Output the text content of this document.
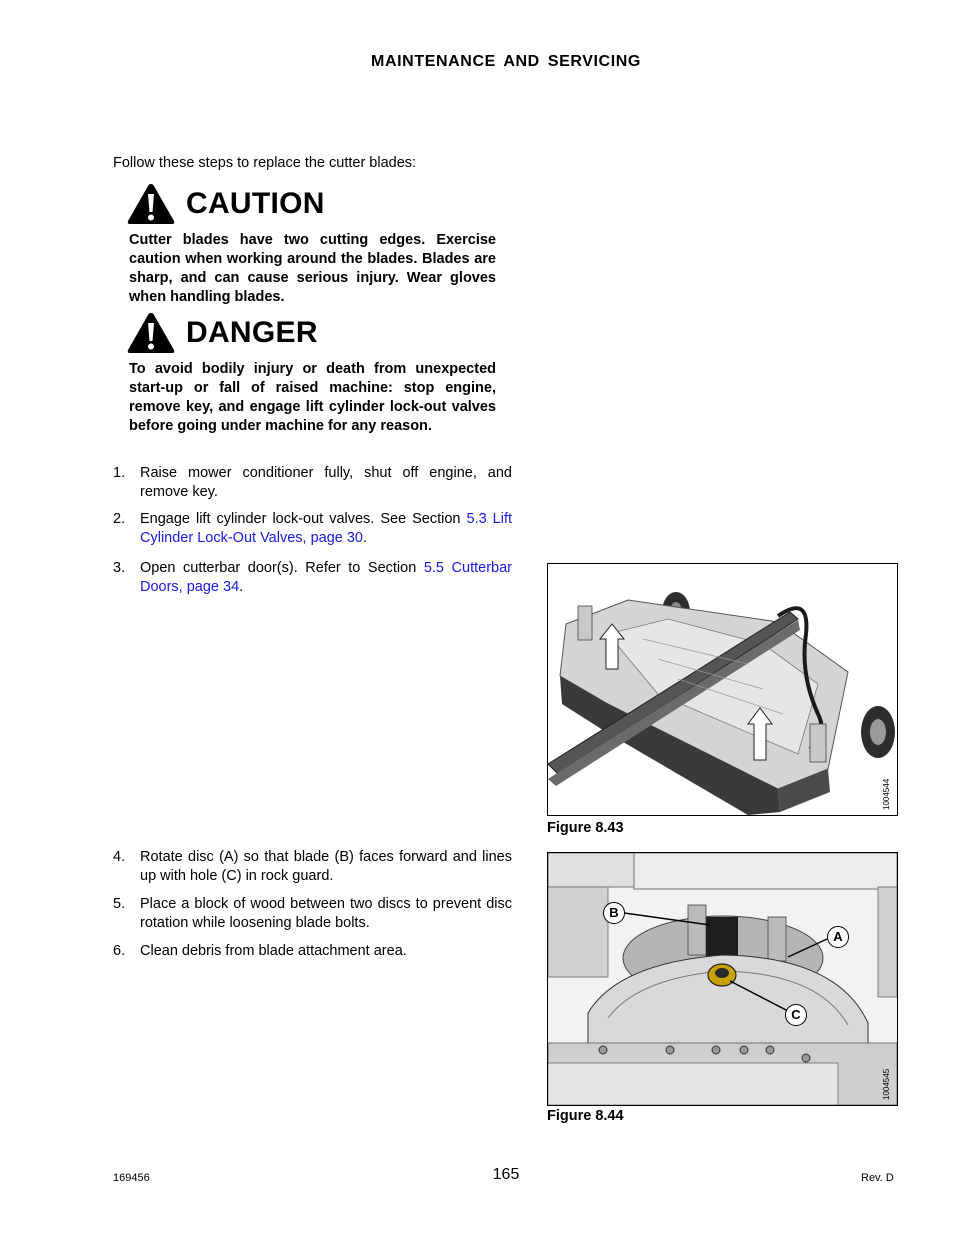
MAINTENANCE AND SERVICING
Follow these steps to replace the cutter blades:
CAUTION
Cutter blades have two cutting edges. Exercise caution when working around the blades. Blades are sharp, and can cause serious injury. Wear gloves when handling blades.
DANGER
To avoid bodily injury or death from unexpected start-up or fall of raised machine: stop engine, remove key, and engage lift cylinder lock-out valves before going under machine for any reason.
1.	Raise mower conditioner fully, shut off engine, and remove key.
2.	Engage lift cylinder lock-out valves. See Section 5.3 Lift Cylinder Lock-Out Valves, page 30.
3.	Open cutterbar door(s). Refer to Section 5.5 Cutterbar Doors, page 34.
4.	Rotate disc (A) so that blade (B) faces forward and lines up with hole (C) in rock guard.
5.	Place a block of wood between two discs to prevent disc rotation while loosening blade bolts.
6.	Clean debris from blade attachment area.
1004544
Figure 8.43
B
A
C
1004545
Figure 8.44
169456	165	Rev. D
